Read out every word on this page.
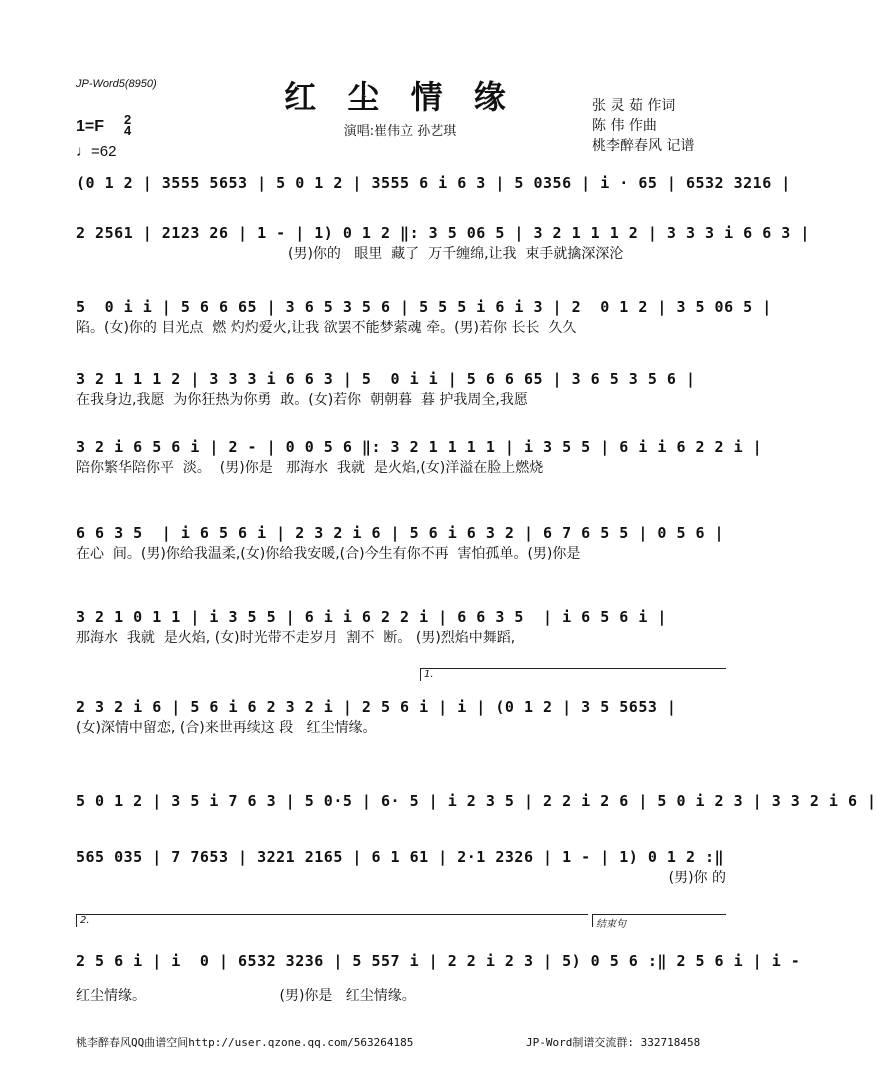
JP-Word5(8950)	红 尘 情 缘
演唱:崔伟立 孙艺琪
张 灵 茹 作词
陈 伟 作曲
桃李醉春风 记谱
1=F 2
4
♩=62
(0 1 2 | 3555 5653 | 5 0 1 2 | 3555 6 i 6 3 | 5 0356 | i · 65 | 6532 3216 |
2 2561 | 2123 26 | 1 - | 1) 0 1 2 ‖: 3 5 06 5 | 3 2 1 1 1 2 | 3 3 3 i 6 6 3 |
(男)你的   眼里  藏了  万千缠绵,让我  束手就擒深深沦
5  0 i i | 5 6 6 65 | 3 6 5 3 5 6 | 5 5 5 i 6 i 3 | 2  0 1 2 | 3 5 06 5 |
陷。(女)你的 目光点  燃 灼灼爱火,让我 欲罢不能梦萦魂 牵。(男)若你 长长  久久
3 2 1 1 1 2 | 3 3 3 i 6 6 3 | 5  0 i i | 5 6 6 65 | 3 6 5 3 5 6 |
在我身边,我愿  为你狂热为你勇  敢。(女)若你  朝朝暮  暮 护我周全,我愿
3 2 i 6 5 6 i | 2 - | 0 0 5 6 ‖: 3 2 1 1 1 1 | i 3 5 5 | 6 i i 6 2 2 i |
陪你繁华陪你平  淡。  (男)你是   那海水  我就  是火焰,(女)洋溢在脸上燃烧
6 6 3 5  | i 6 5 6 i | 2 3 2 i 6 | 5 6 i 6 3 2 | 6 7 6 5 5 | 0 5 6 |
在心  间。(男)你给我温柔,(女)你给我安暖,(合)今生有你不再  害怕孤单。(男)你是
3 2 1 0 1 1 | i 3 5 5 | 6 i i 6 2 2 i | 6 6 3 5  | i 6 5 6 i |
那海水  我就  是火焰, (女)时光带不走岁月  割不  断。 (男)烈焰中舞蹈,
1.
2 3 2 i 6 | 5 6 i 6 2 3 2 i | 2 5 6 i | i | (0 1 2 | 3 5 5653 |
(女)深情中留恋, (合)来世再续这 段   红尘情缘。
5 0 1 2 | 3 5 i 7 6 3 | 5 0·5 | 6· 5 | i 2 3 5 | 2 2 i 2 6 | 5 0 i 2 3 | 3 3 2 i 6 |
565 035 | 7 7653 | 3221 2165 | 6 1 61 | 2·1 2326 | 1 - | 1) 0 1 2 :‖
(男)你 的
2.	结束句
2 5 6 i | i  0 | 6532 3236 | 5 557 i | 2 2 i 2 3 | 5) 0 5 6 :‖ 2 5 6 i | i -
红尘情缘。                              (男)你是   红尘情缘。
桃李醉春风QQ曲谱空间http://user.qzone.qq.com/563264185	JP-Word制谱交流群: 332718458
